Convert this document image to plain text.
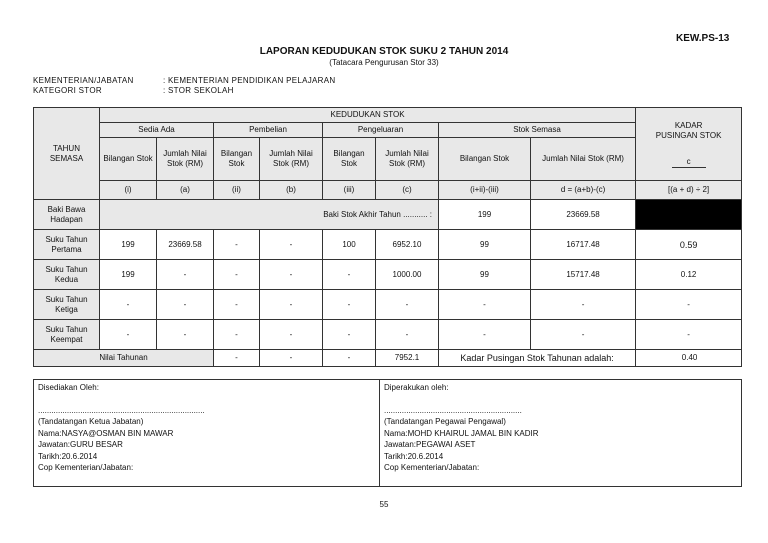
KEW.PS-13
LAPORAN KEDUDUKAN STOK SUKU 2 TAHUN 2014
(Tatacara Pengurusan Stor 33)
KEMENTERIAN/JABATAN	: KEMENTERIAN PENDIDIKAN PELAJARAN
KATEGORI STOR	: STOR SEKOLAH
TAHUN SEMASA	KEDUDUKAN STOK								KADAR PUSINGAN STOK
c
	Sedia Ada		Pembelian		Pengeluaran		Stok Semasa		
	Bilangan Stok	Jumlah Nilai Stok (RM)	Bilangan Stok	Jumlah Nilai Stok (RM)	Bilangan Stok	Jumlah Nilai Stok (RM)	Bilangan Stok	Jumlah Nilai Stok (RM)	
	(i)	(a)	(ii)	(b)	(iii)	(c)	(i+ii)-(iii)	d = (a+b)-(c)	[(a + d) ÷ 2]
Baki Bawa Hadapan	Baki Stok Akhir Tahun ........... :						199	23669.58	
Suku Tahun Pertama	199	23669.58	-	-	100	6952.10	99	16717.48	0.59
Suku Tahun Kedua	199	-	-	-	-	1000.00	99	15717.48	0.12
Suku Tahun Ketiga	-	-	-	-	-	-	-	-	-
Suku Tahun Keempat	-	-	-	-	-	-	-	-	-
Nilai Tahunan			-	-	-	7952.1	Kadar Pusingan Stok Tahunan adalah:		0.40
Disediakan Oleh:
...........................................................................
(Tandatangan Ketua Jabatan)
Nama:NASYA@OSMAN BIN MAWAR
Jawatan:GURU BESAR
Tarikh:20.6.2014
Cop Kementerian/Jabatan:

Diperakukan oleh:
..............................................................
(Tandatangan Pegawai Pengawal)
Nama:MOHD KHAIRUL JAMAL BIN KADIR
Jawatan:PEGAWAI ASET
Tarikh:20.6.2014
Cop Kementerian/Jabatan:
55
